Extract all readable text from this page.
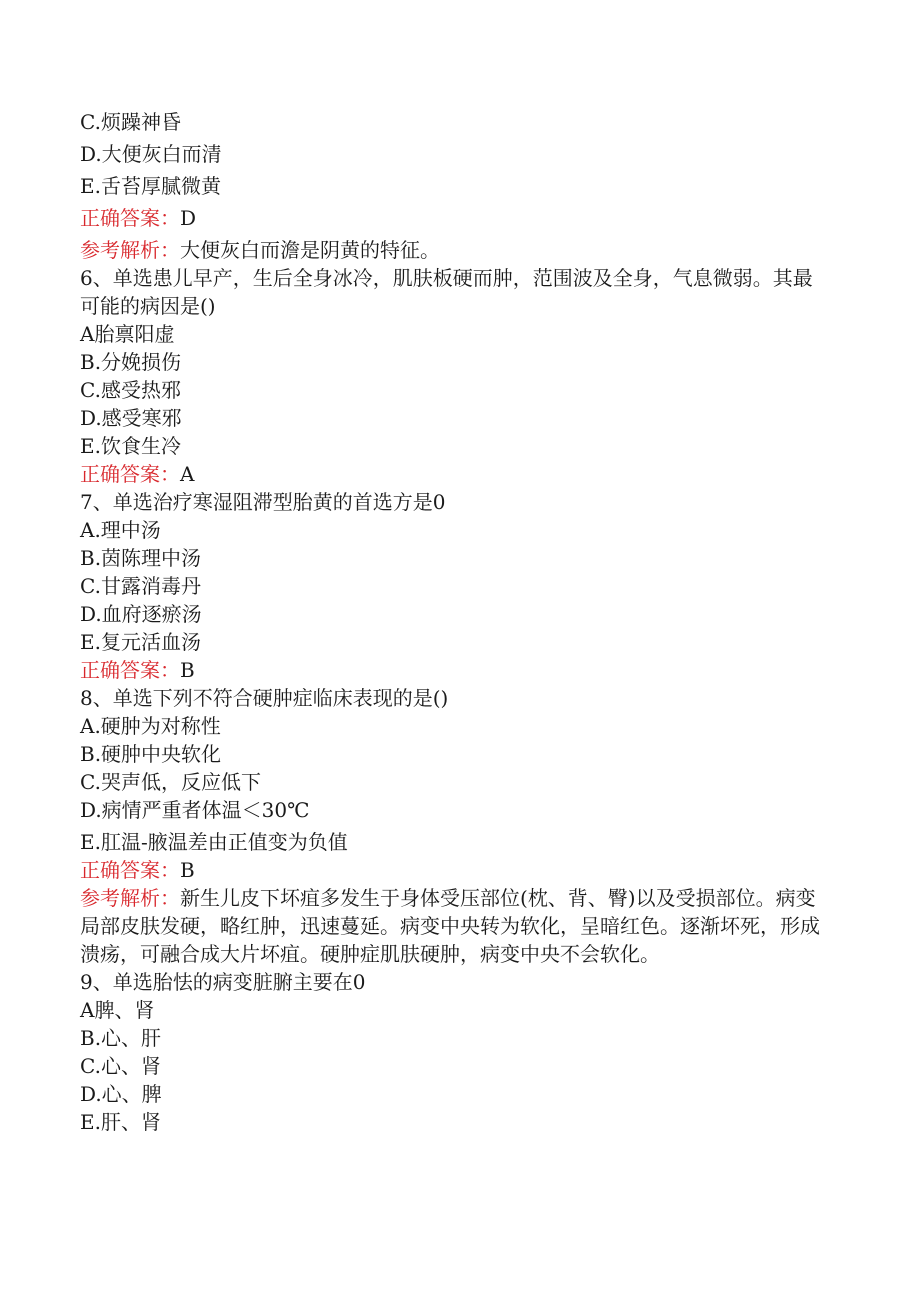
C.烦躁神昏
D.大便灰白而清
E.舌苔厚腻微黄
正确答案：D
参考解析：大便灰白而澹是阴黄的特征。
6、单选患儿早产，生后全身冰冷，肌肤板硬而肿，范围波及全身，气息微弱。其最可能的病因是()
A胎禀阳虚
B.分娩损伤
C.感受热邪
D.感受寒邪
E.饮食生冷
正确答案：A
7、单选治疗寒湿阻滞型胎黄的首选方是0
A.理中汤
B.茵陈理中汤
C.甘露消毒丹
D.血府逐瘀汤
E.复元活血汤
正确答案：B
8、单选下列不符合硬肿症临床表现的是()
A.硬肿为对称性
B.硬肿中央软化
C.哭声低，反应低下
D.病情严重者体温＜30℃
E.肛温-腋温差由正值变为负值
正确答案：B
参考解析：新生儿皮下坏疽多发生于身体受压部位(枕、背、臀)以及受损部位。病变局部皮肤发硬，略红肿，迅速蔓延。病变中央转为软化，呈暗红色。逐渐坏死，形成溃疡，可融合成大片坏疽。硬肿症肌肤硬肿，病变中央不会软化。
9、单选胎怯的病变脏腑主要在0
A脾、肾
B.心、肝
C.心、肾
D.心、脾
E.肝、肾
